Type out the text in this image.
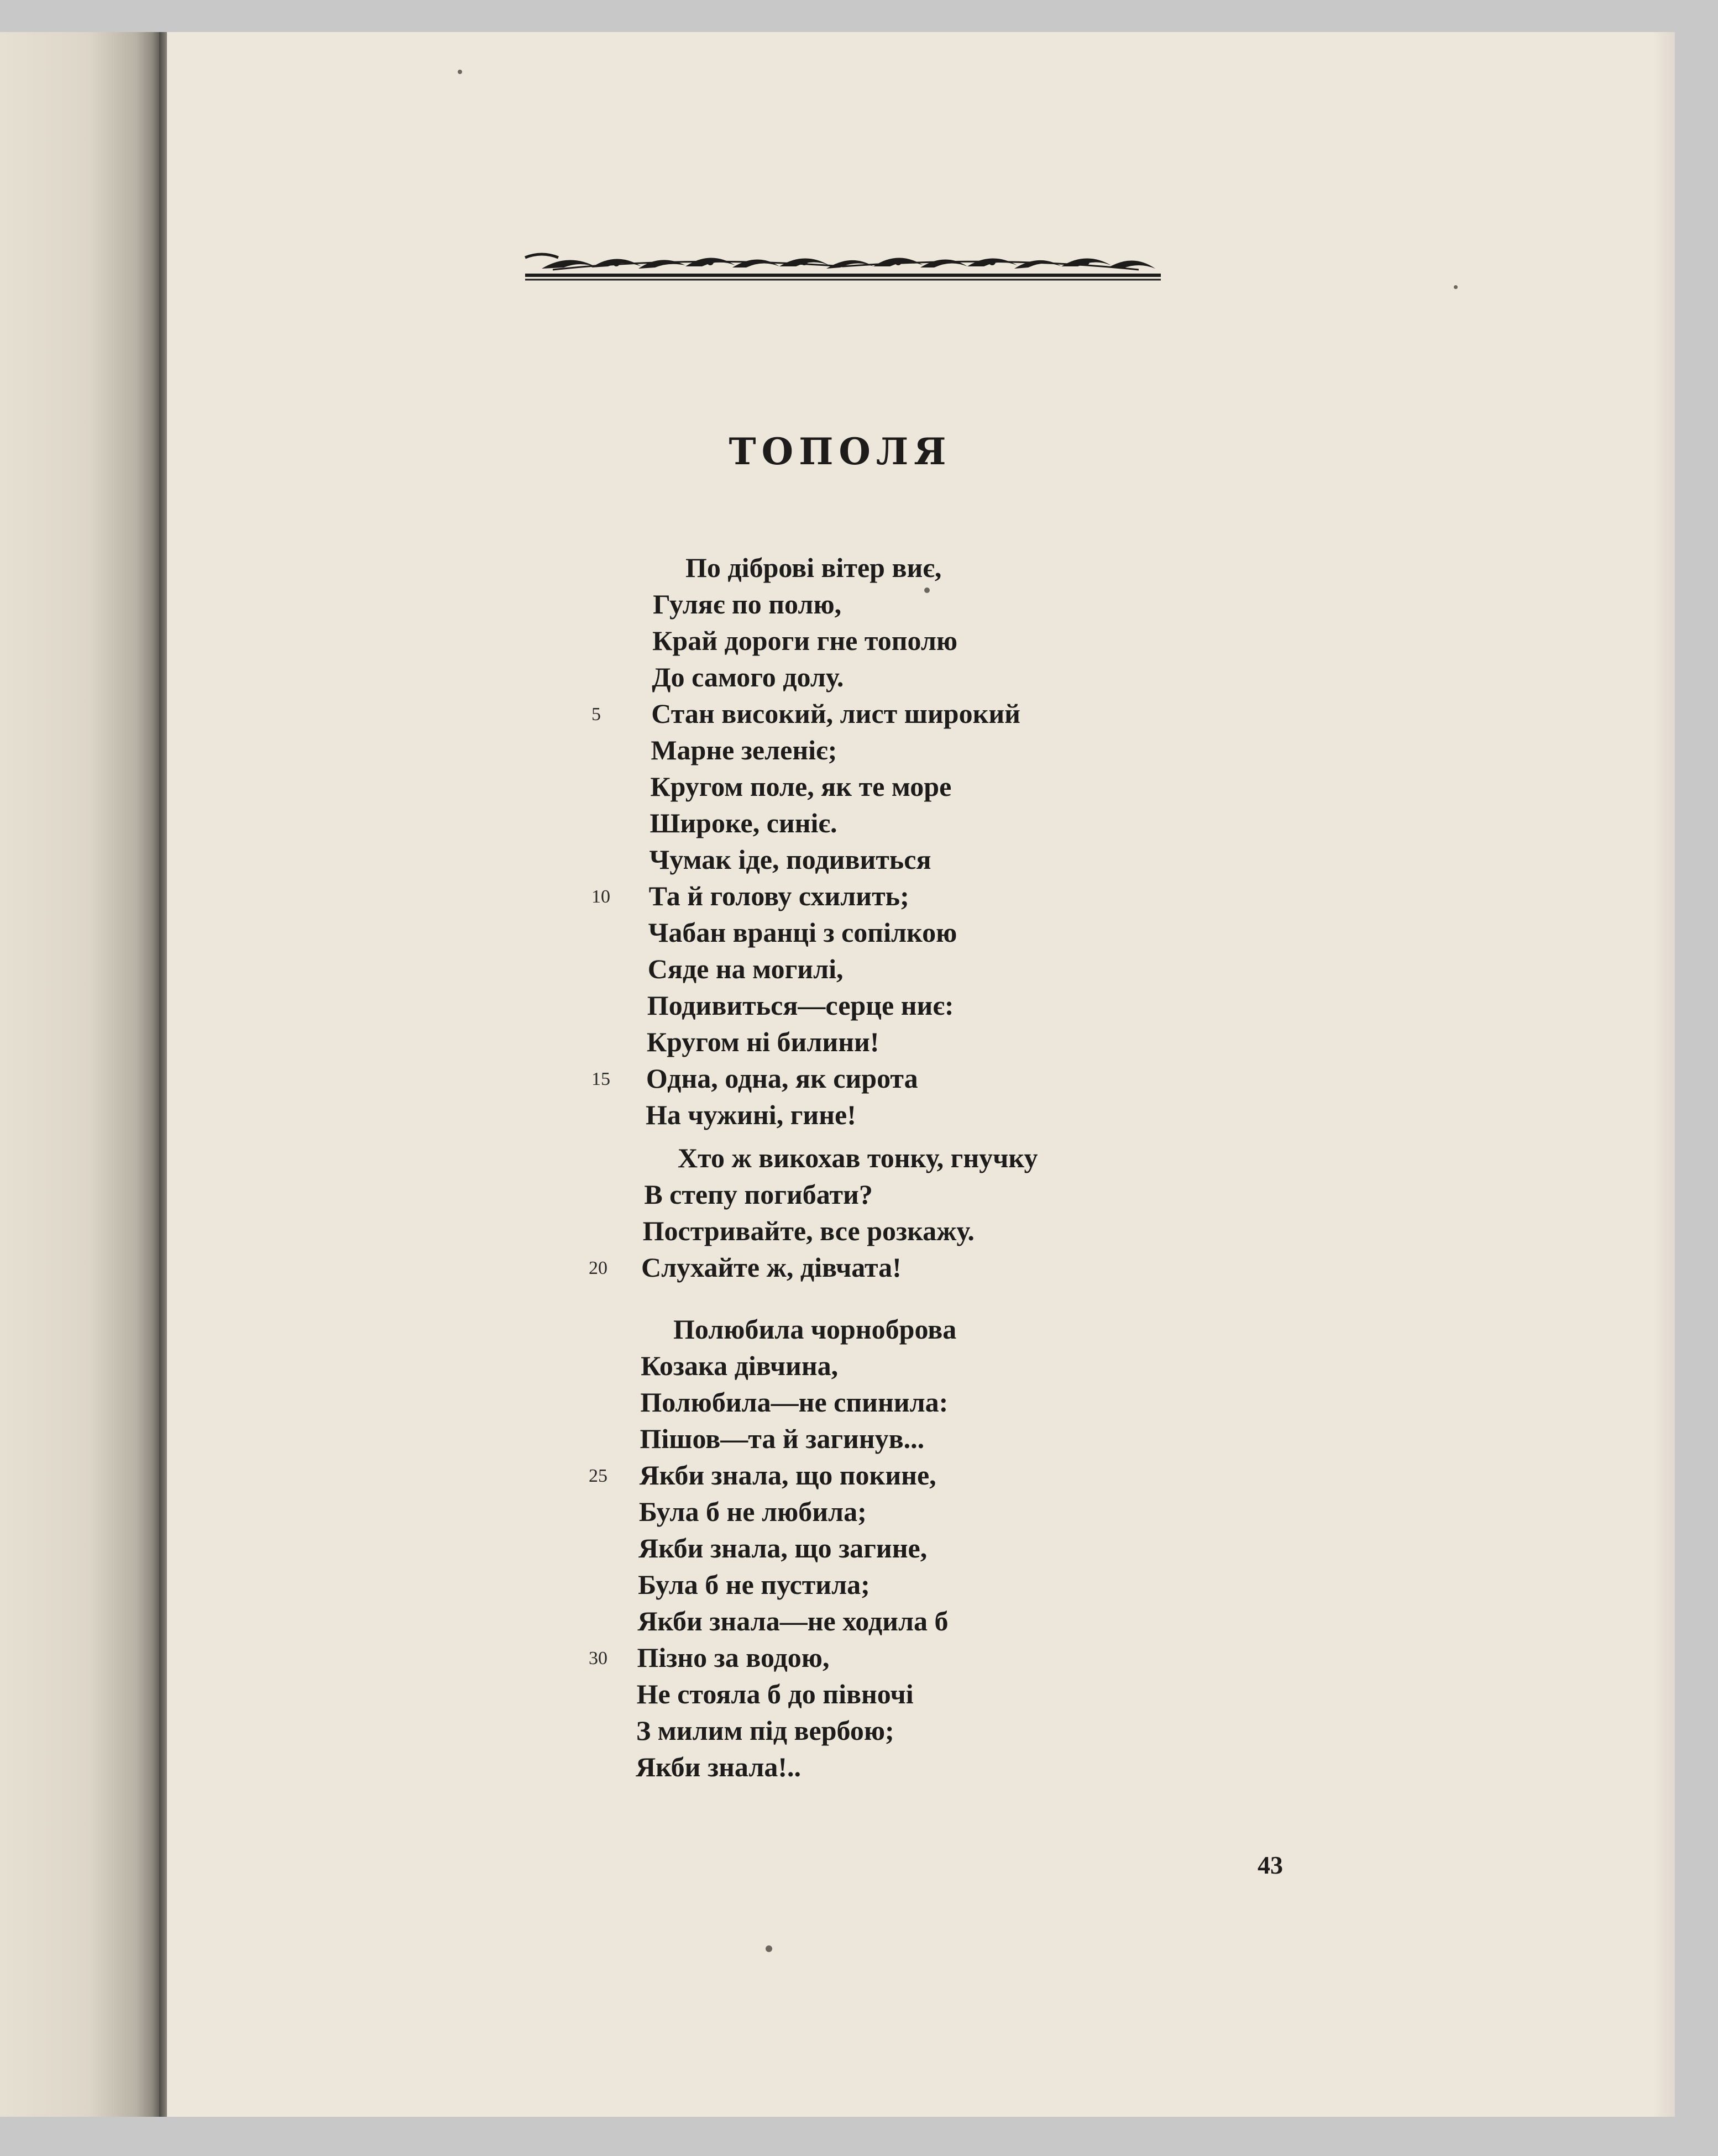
ТОПОЛЯ
По діброві вітер виє,
Гуляє по полю,
Край дороги гне тополю
До самого долу.
Стан високий, лист широкий
5
Марне зеленіє;
Кругом поле, як те море
Широке, синіє.
Чумак іде, подивиться
Та й голову схилить;
10
Чабан вранці з сопілкою
Сяде на могилі,
Подивиться—серце ниє:
Кругом ні билини!
Одна, одна, як сирота
15
На чужині, гине!
Хто ж викохав тонку, гнучку
В степу погибати?
Постривайте, все розкажу.
Слухайте ж, дівчата!
20
Полюбила чорноброва
Козака дівчина,
Полюбила—не спинила:
Пішов—та й загинув...
Якби знала, що покине,
25
Була б не любила;
Якби знала, що загине,
Була б не пустила;
Якби знала—не ходила б
Пізно за водою,
30
Не стояла б до півночі
З милим під вербою;
Якби знала!..
43
